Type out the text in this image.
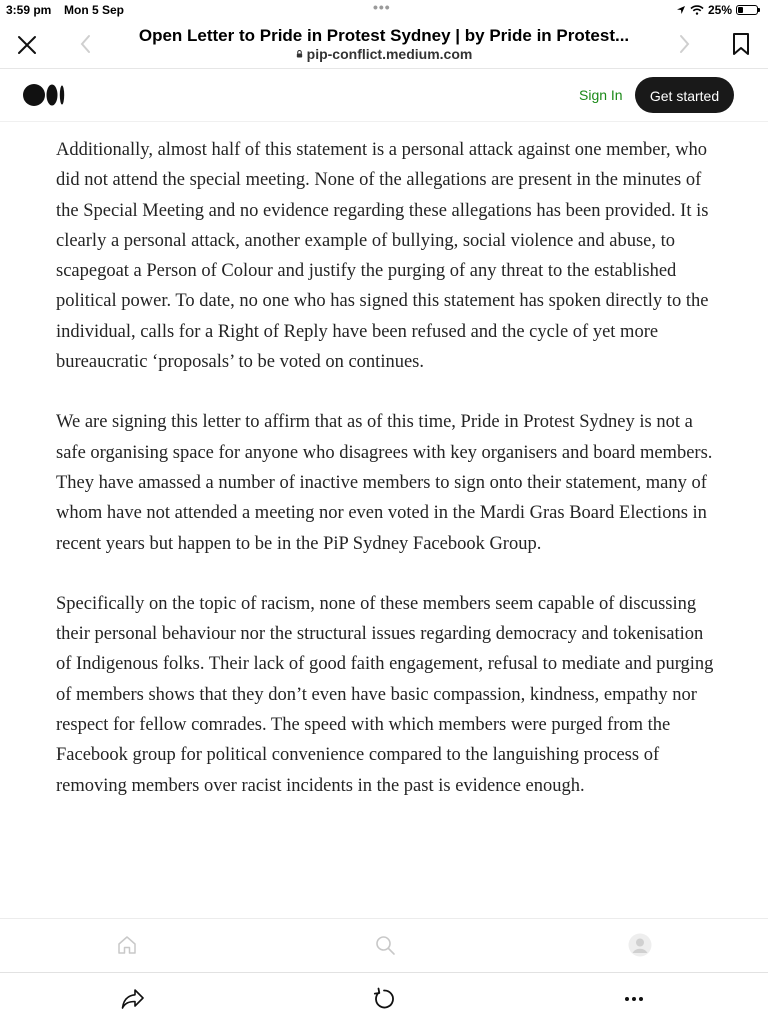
3:59 pm Mon 5 Sep	•••	25%
Open Letter to Pride in Protest Sydney | by Pride in Protest...
pip-conflict.medium.com
Sign In	Get started

Additionally, almost half of this statement is a personal attack against one member, who did not attend the special meeting. None of the allegations are present in the minutes of the Special Meeting and no evidence regarding these allegations has been provided. It is clearly a personal attack, another example of bullying, social violence and abuse, to scapegoat a Person of Colour and justify the purging of any threat to the established political power. To date, no one who has signed this statement has spoken directly to the individual, calls for a Right of Reply have been refused and the cycle of yet more bureaucratic ‘proposals’ to be voted on continues.

We are signing this letter to affirm that as of this time, Pride in Protest Sydney is not a safe organising space for anyone who disagrees with key organisers and board members. They have amassed a number of inactive members to sign onto their statement, many of whom have not attended a meeting nor even voted in the Mardi Gras Board Elections in recent years but happen to be in the PiP Sydney Facebook Group.

Specifically on the topic of racism, none of these members seem capable of discussing their personal behaviour nor the structural issues regarding democracy and tokenisation of Indigenous folks. Their lack of good faith engagement, refusal to mediate and purging of members shows that they don’t even have basic compassion, kindness, empathy nor respect for fellow comrades. The speed with which members were purged from the Facebook group for political convenience compared to the languishing process of removing members over racist incidents in the past is evidence enough.
